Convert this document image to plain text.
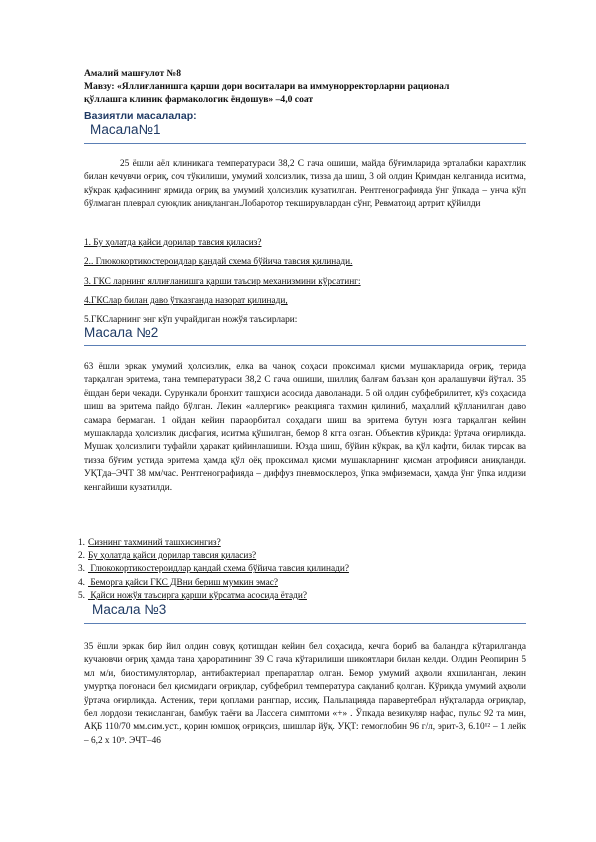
Амалий машғулот №8
Мавзу: «Яллиғланишга қарши дори воситалари ва иммунорректорларни рационал
қўллашга клиник фармакологик ёндошув» –4,0 соат
Вазиятли масалалар:
Масала№1
25 ёшли аёл клиникага температураси 38,2 С гача ошиши, майда бўғимларида эрталабки карахтлик билан кечувчи оғриқ, соч тўкилиши, умумий холсизлик, тизза да шиш, 3 ой олдин Қримдан келганида иситма, кўкрак қафасининг ярмида оғриқ ва умумий ҳолсизлик кузатилган. Рентгенографияда ўнг ўпкада – унча кўп бўлмаган плеврал суюқлик аниқланган.Лобаротор текширувлардан сўнг, Ревматоид артрит қўйилди
1. Бу ҳолатда қайси дорилар тавсия қиласиз?
2.. Глюкокортикостероидлар қандай схема бўйича тавсия қилинади.
3. ГКС ларнинг яллиғланишга қарши таъсир механизмини кўрсатинг:
4.ГКСлар билан даво ўтказганда назорат қилинади,
5.ГКСларнинг энг кўп учрайдиган ножўя таъсирлари:
Масала №2
63 ёшли эркак умумий ҳолсизлик, елка ва чаноқ соҳаси проксимал қисми мушакларида оғриқ, терида тарқалган эритема, тана температураси 38,2 С гача ошиши, шиллиқ балғам баъзан қон аралашувчи йўтал. 35 ёшдан бери чекади. Сурункали бронхит ташҳиси асосида даволанади. 5 ой олдин субфебрилитет, кўз соҳасида шиш ва эритема пайдо бўлган. Лекин «аллергик» реакцияга тахмин қилиниб, маҳаллий қўлланилган даво самара бермаган. 1 ойдан кейин параорбитал соҳадаги шиш ва эритема бутун юзга тарқалган кейин мушакларда ҳолсизлик дисфагия, иситма қўшилган, бемор 8 кгга озган. Объектив кўрикда: ўртача оғирликда. Мушак ҳолсизлиги туфайли ҳаракат қийинлашиши. Юзда шиш, бўйин кўкрак, ва қўл кафти, билак тирсак ва тизза бўғим устида эритема ҳамда қўл оёқ проксимал қисми мушакларнинг қисман атрофияси аниқланди. УҚТда–ЭЧТ 38 мм/час. Рентгенографияда – диффуз пневмосклероз, ўпка эмфиземаси, ҳамда ўнг ўпка илдизи кенгайиши кузатилди.
1. Сизнинг тахминий ташхисингиз?
2. Бу ҳолатда қайси дорилар тавсия қиласиз?
3. Глюкокортикостероидлар қандай схема бўйича тавсия қилинади?
4. Беморга қайси ГКС ДВни бериш мумкин эмас?
5. Қайси ножўя таъсирга қарши кўрсатма асосида ётади?
Масала №3
35 ёшли эркак бир йил олдин совуқ қотишдан кейин бел соҳасида, кечга бориб ва баландга кўтарилганда кучаювчи оғриқ ҳамда тана ҳароратининг 39 С гача кўтарилиши шикоятлари билан келди. Олдин Реопирин 5 мл м/и, биостимуляторлар, антибактериал препаратлар олган. Бемор умумий аҳволи яхшиланган, лекин умуртқа поғонаси бел қисмидаги оғриқлар, субфебрил температура сақланиб қолган. Кўрикда умумий аҳволи ўртача оғирликда. Астеник, тери қоплами рангпар, иссиқ. Пальпацияда паравертебрал нўқталарда оғриқлар, бел лордози текисланган, бамбук таёғи ва Лассега симптоми «+» . Ўпкада везикуляр нафас, пульс 92 та мин, АҚБ 110/70 мм.сим.уст., қорин юмшоқ оғриқсиз, шишлар йўқ. УҚТ: гемоглобин 96 г/л, эрит-3, 6.10¹² – 1 лейк – 6,2 х 10⁹. ЭЧТ–46
